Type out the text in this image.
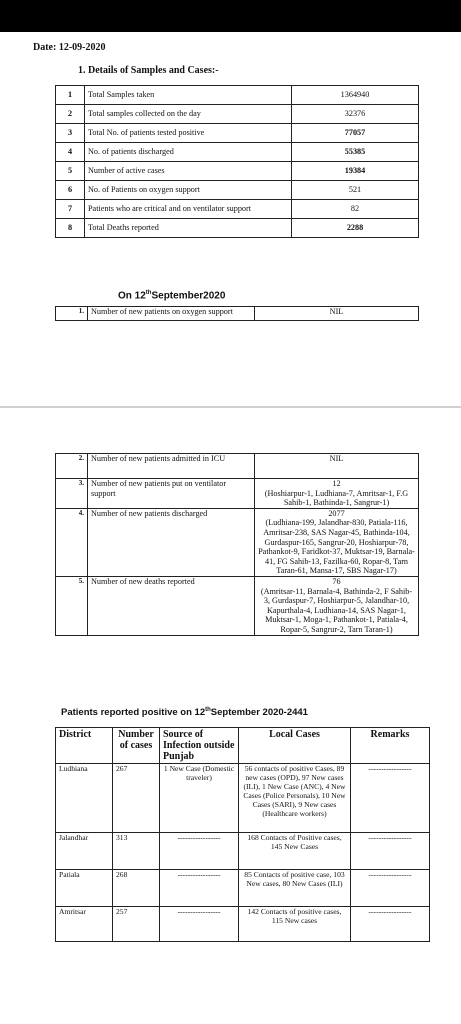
Date: 12-09-2020
1. Details of Samples and Cases:-
1	Total Samples taken	1364940
2	Total samples collected on the day	32376
3	Total No. of patients tested positive	77057
4	No. of patients discharged	55385
5	Number of active cases	19384
6	No. of Patients on oxygen support	521
7	Patients who are critical and on ventilator support	82
8	Total Deaths reported	2288
On 12thSeptember2020
1.	Number of new patients on oxygen support	NIL
2.	Number of new patients admitted in ICU	NIL

3.	Number of new patients put on ventilator support	12
(Hoshiarpur-1, Ludhiana-7, Amritsar-1, F.G Sahib-1, Bathinda-1, Sangrur-1)

4.	Number of new patients discharged	2077
(Ludhiana-199, Jalandhar-830, Patiala-116, Amritsar-238, SAS Nagar-45, Bathinda-104, Gurdaspur-165, Sangrur-20, Hoshiarpur-78, Pathankot-9, Faridkot-37, Muktsar-19, Barnala-41, FG Sahib-13, Fazilka-60, Ropar-8, Tarn Taran-61, Mansa-17, SBS Nagar-17)

5.	Number of new deaths reported	76
(Amritsar-11, Barnala-4, Bathinda-2, F Sahib-3, Gurdaspur-7, Hoshiarpur-5, Jalandhar-10, Kapurthala-4, Ludhiana-14, SAS Nagar-1, Muktsar-1, Moga-1, Pathankot-1, Patiala-4, Ropar-5, Sangrur-2, Tarn Taran-1)
Patients reported positive on 12thSeptember 2020-2441
District	Number of cases	Source of Infection outside Punjab	Local Cases	Remarks
Ludhiana	267	1 New Case (Domestic traveler)	56 contacts of positive Cases, 89 new cases (OPD), 97 New cases (ILI), 1 New Case (ANC), 4 New Cases (Police Personals), 10 New Cases (SARI), 9 New cases (Healthcare workers)	-----------------
Jalandhar	313	-----------------	168 Contacts of Positive cases, 145 New Cases	-----------------
Patiala	268	-----------------	85 Contacts of positive case, 103 New cases, 80 New Cases (ILI)	-----------------
Amritsar	257	-----------------	142 Contacts of positive cases, 115 New cases	-----------------
